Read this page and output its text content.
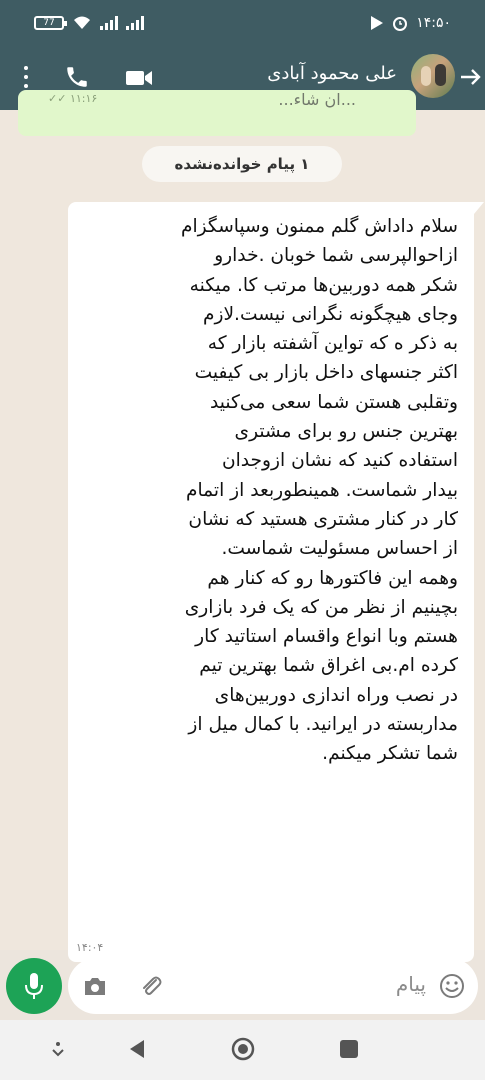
77	۱۴:۵۰
علی محمود آبادی
✓✓ ۱۱:۱۶	...ان شاء...
۱ پیام خوانده‌نشده
سلام داداش گلم ممنون وسپاسگزام
ازاحوالپرسی شما خوبان .خدارو
شکر همه دوربین‌ها مرتب کا. میکنه
وجای هیچگونه نگرانی نیست.لازم
به ذکر ه که تواین آشفته بازار که
اکثر جنسهای داخل بازار بی کیفیت
وتقلبی هستن شما سعی می‌کنید
بهترین جنس رو برای مشتری
استفاده کنید که نشان ازوجدان
بیدار شماست. همینطوربعد از اتمام
کار در کنار مشتری هستید که نشان
از احساس مسئولیت شماست.
وهمه این فاکتورها رو که کنار هم
بچینیم از نظر من که یک فرد بازاری
هستم وبا انواع واقسام استاتید کار
کرده ام.بی اغراق شما بهترین تیم
در نصب وراه اندازی دوربین‌های
مداربسته در ایرانید. با کمال میل از
شما تشکر میکنم.
۱۴:۰۴
پیام
